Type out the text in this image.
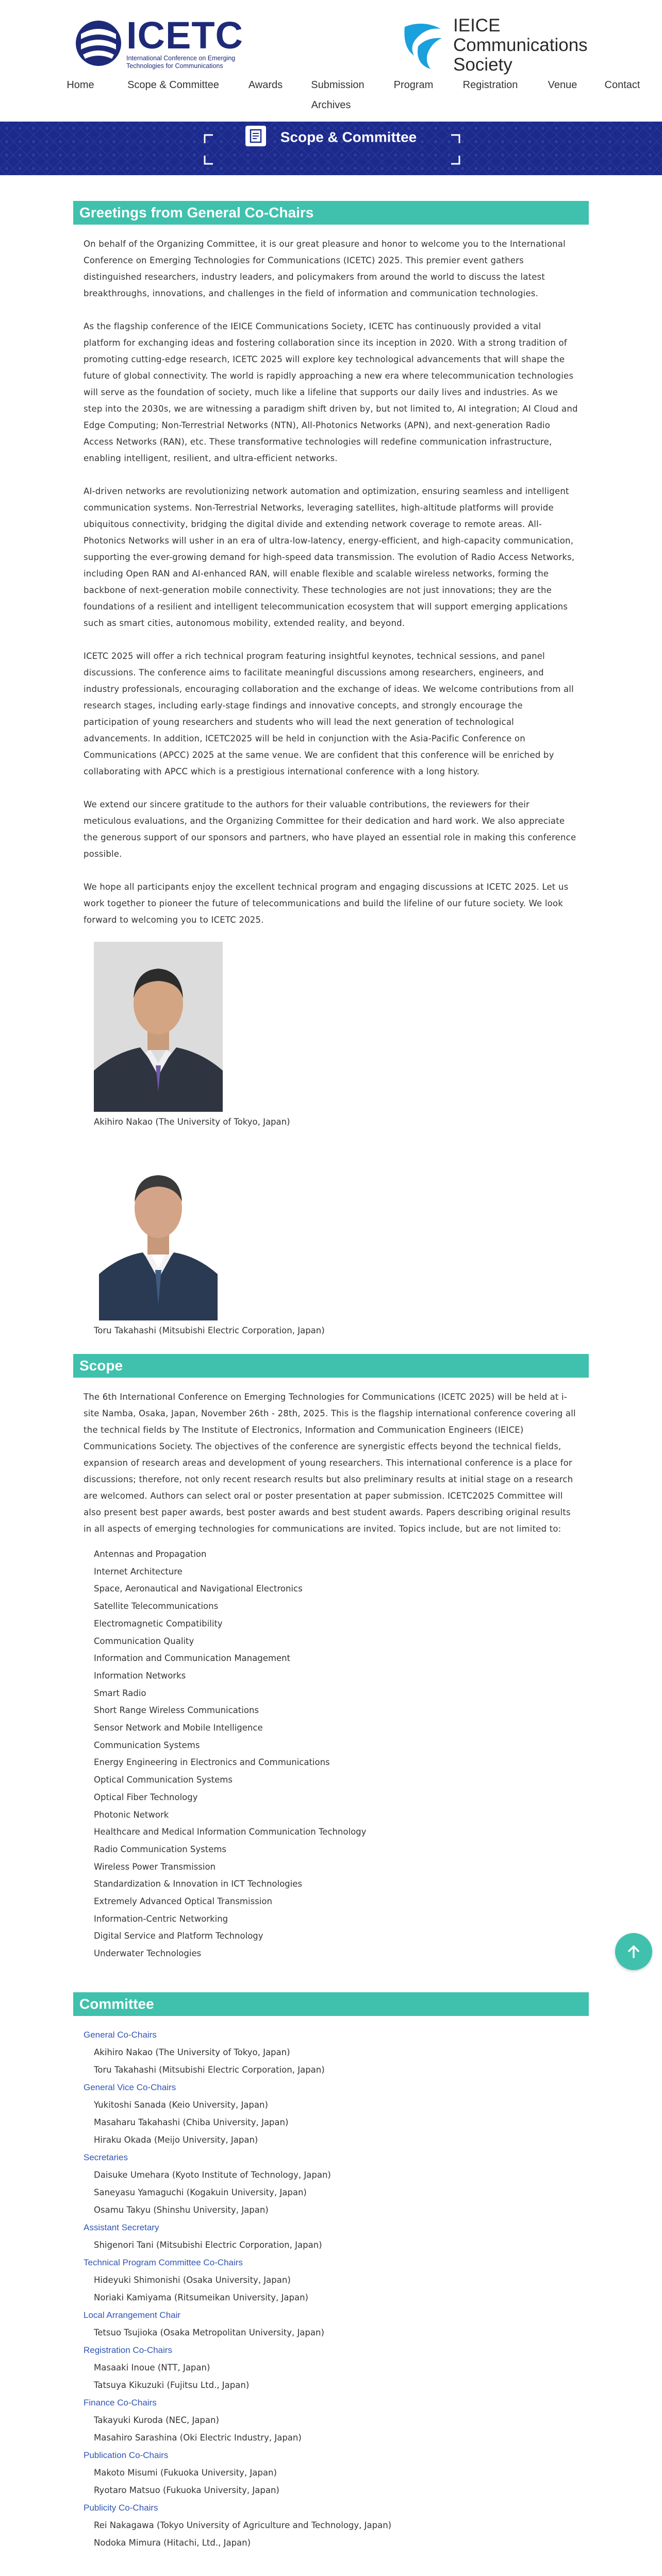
ICETC
International Conference on Emerging Technologies for Communications
IEICE
Communications
Society
Home	Scope & Committee	Awards	Submission	Program	Registration	Venue	Contact
Archives
Scope & Committee
Greetings from General Co-Chairs

On behalf of the Organizing Committee, it is our great pleasure and honor to welcome you to the International Conference on Emerging Technologies for Communications (ICETC) 2025. This premier event gathers distinguished researchers, industry leaders, and policymakers from around the world to discuss the latest breakthroughs, innovations, and challenges in the field of information and communication technologies.

As the flagship conference of the IEICE Communications Society, ICETC has continuously provided a vital platform for exchanging ideas and fostering collaboration since its inception in 2020. With a strong tradition of promoting cutting-edge research, ICETC 2025 will explore key technological advancements that will shape the future of global connectivity. The world is rapidly approaching a new era where telecommunication technologies will serve as the foundation of society, much like a lifeline that supports our daily lives and industries. As we step into the 2030s, we are witnessing a paradigm shift driven by, but not limited to, AI integration; AI Cloud and Edge Computing; Non-Terrestrial Networks (NTN), All-Photonics Networks (APN), and next-generation Radio Access Networks (RAN), etc. These transformative technologies will redefine communication infrastructure, enabling intelligent, resilient, and ultra-efficient networks.

AI-driven networks are revolutionizing network automation and optimization, ensuring seamless and intelligent communication systems. Non-Terrestrial Networks, leveraging satellites, high-altitude platforms will provide ubiquitous connectivity, bridging the digital divide and extending network coverage to remote areas. All-Photonics Networks will usher in an era of ultra-low-latency, energy-efficient, and high-capacity communication, supporting the ever-growing demand for high-speed data transmission. The evolution of Radio Access Networks, including Open RAN and AI-enhanced RAN, will enable flexible and scalable wireless networks, forming the backbone of next-generation mobile connectivity. These technologies are not just innovations; they are the foundations of a resilient and intelligent telecommunication ecosystem that will support emerging applications such as smart cities, autonomous mobility, extended reality, and beyond.

ICETC 2025 will offer a rich technical program featuring insightful keynotes, technical sessions, and panel discussions. The conference aims to facilitate meaningful discussions among researchers, engineers, and industry professionals, encouraging collaboration and the exchange of ideas. We welcome contributions from all research stages, including early-stage findings and innovative concepts, and strongly encourage the participation of young researchers and students who will lead the next generation of technological advancements. In addition, ICETC2025 will be held in conjunction with the Asia-Pacific Conference on Communications (APCC) 2025 at the same venue. We are confident that this conference will be enriched by collaborating with APCC which is a prestigious international conference with a long history.

We extend our sincere gratitude to the authors for their valuable contributions, the reviewers for their meticulous evaluations, and the Organizing Committee for their dedication and hard work. We also appreciate the generous support of our sponsors and partners, who have played an essential role in making this conference possible.

We hope all participants enjoy the excellent technical program and engaging discussions at ICETC 2025. Let us work together to pioneer the future of telecommunications and build the lifeline of our future society. We look forward to welcoming you to ICETC 2025.

Akihiro Nakao (The University of Tokyo, Japan)
Toru Takahashi (Mitsubishi Electric Corporation, Japan)
Scope

The 6th International Conference on Emerging Technologies for Communications (ICETC 2025) will be held at i-site Namba, Osaka, Japan, November 26th - 28th, 2025. This is the flagship international conference covering all the technical fields by The Institute of Electronics, Information and Communication Engineers (IEICE) Communications Society. The objectives of the conference are synergistic effects beyond the technical fields, expansion of research areas and development of young researchers. This international conference is a place for discussions; therefore, not only recent research results but also preliminary results at initial stage on a research are welcomed. Authors can select oral or poster presentation at paper submission. ICETC2025 Committee will also present best paper awards, best poster awards and best student awards. Papers describing original results in all aspects of emerging technologies for communications are invited. Topics include, but are not limited to:

Antennas and Propagation
Internet Architecture
Space, Aeronautical and Navigational Electronics
Satellite Telecommunications
Electromagnetic Compatibility
Communication Quality
Information and Communication Management
Information Networks
Smart Radio
Short Range Wireless Communications
Sensor Network and Mobile Intelligence
Communication Systems
Energy Engineering in Electronics and Communications
Optical Communication Systems
Optical Fiber Technology
Photonic Network
Healthcare and Medical Information Communication Technology
Radio Communication Systems
Wireless Power Transmission
Standardization & Innovation in ICT Technologies
Extremely Advanced Optical Transmission
Information-Centric Networking
Digital Service and Platform Technology
Underwater Technologies
Committee
General Co-Chairs
Akihiro Nakao (The University of Tokyo, Japan)
Toru Takahashi (Mitsubishi Electric Corporation, Japan)
General Vice Co-Chairs
Yukitoshi Sanada (Keio University, Japan)
Masaharu Takahashi (Chiba University, Japan)
Hiraku Okada (Meijo University, Japan)
Secretaries
Daisuke Umehara (Kyoto Institute of Technology, Japan)
Saneyasu Yamaguchi (Kogakuin University, Japan)
Osamu Takyu (Shinshu University, Japan)
Assistant Secretary
Shigenori Tani (Mitsubishi Electric Corporation, Japan)
Technical Program Committee Co-Chairs
Hideyuki Shimonishi (Osaka University, Japan)
Noriaki Kamiyama (Ritsumeikan University, Japan)
Local Arrangement Chair
Tetsuo Tsujioka (Osaka Metropolitan University, Japan)
Registration Co-Chairs
Masaaki Inoue (NTT, Japan)
Tatsuya Kikuzuki (Fujitsu Ltd., Japan)
Finance Co-Chairs
Takayuki Kuroda (NEC, Japan)
Masahiro Sarashina (Oki Electric Industry, Japan)
Publication Co-Chairs
Makoto Misumi (Fukuoka University, Japan)
Ryotaro Matsuo (Fukuoka University, Japan)
Publicity Co-Chairs
Rei Nakagawa (Tokyo University of Agriculture and Technology, Japan)
Nodoka Mimura (Hitachi, Ltd., Japan)
